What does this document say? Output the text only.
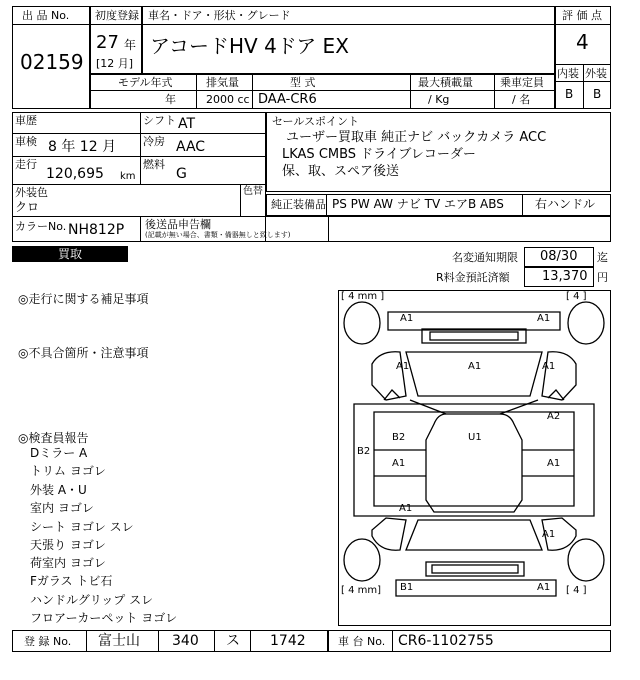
出 品 No.
02159
初度登録
27 年
[12 月]
車名・ドア・形状・グレード
アコードHV 4ドア EX
評 価 点
4
内装 外装
B B
モデル年式	排気量	型 式	最大積載量 乗車定員
年	2000 cc DAA-CR6	/ Kg	/ 名
車歴	シフト AT
車検 8 年 12 月 冷房 AAC
走行
120,695 km
燃料
G
外装色
クロ
色替
セールスポイント
ユーザー買取車 純正ナビ バックカメラ ACC
LKAS CMBS ドライブレコーダー
保、取、スペア後送
純正装備品 PS PW AW ナビ TV エアB ABS	右ハンドル
カラーNo. NH812P 後送品申告欄
(記載が無い場合、書類・備器無しと致します)
買取	名変通知期限 08/30 迄
R料金預託済額 13,370 円
◎走行に関する補足事項
◎不具合箇所・注意事項
◎検査員報告
Dミラー A
トリム ヨゴレ
外装 A・U
室内 ヨゴレ
シート ヨゴレ スレ
天張り ヨゴレ
荷室内 ヨゴレ
Fガラス トビ石
ハンドルグリップ スレ
フロアーカーペット ヨゴレ
[ 4 mm ]	[ 4 ]
[ 4 mm]	[ 4 ]
A1	A1
A1	A1	A1
A2
B2	U1
B2
A1	A1
A1
A1
B1	A1
登 録 No. 富士山 340 ス 1742	車 台 No. CR6-1102755
